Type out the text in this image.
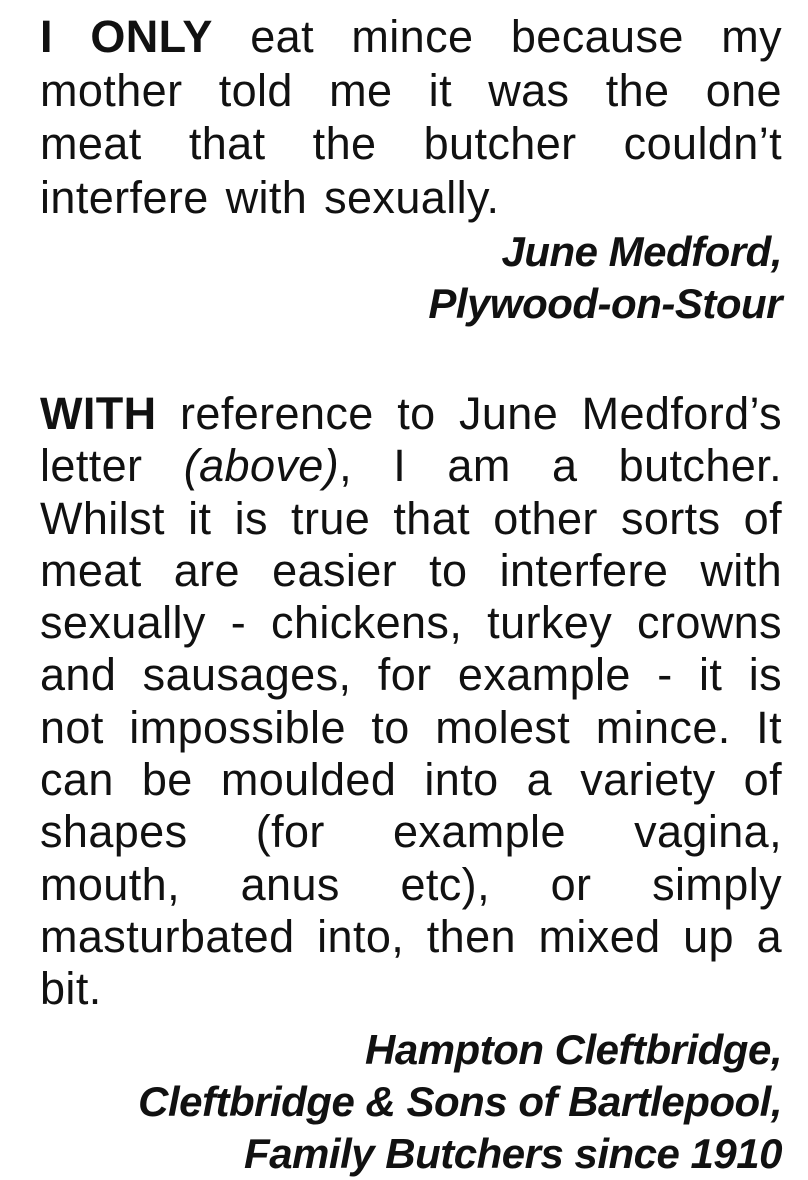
I ONLY eat mince because my mother told me it was the one meat that the butcher couldn’t interfere with sexually.

June Medford,
Plywood-on-Stour

WITH reference to June Medford’s letter (above), I am a butcher. Whilst it is true that other sorts of meat are easier to interfere with sexually - chickens, turkey crowns and sausages, for example - it is not impossible to molest mince. It can be moulded into a variety of shapes (for example vagina, mouth, anus etc), or simply masturbated into, then mixed up a bit.

Hampton Cleftbridge,
Cleftbridge & Sons of Bartlepool,
Family Butchers since 1910
